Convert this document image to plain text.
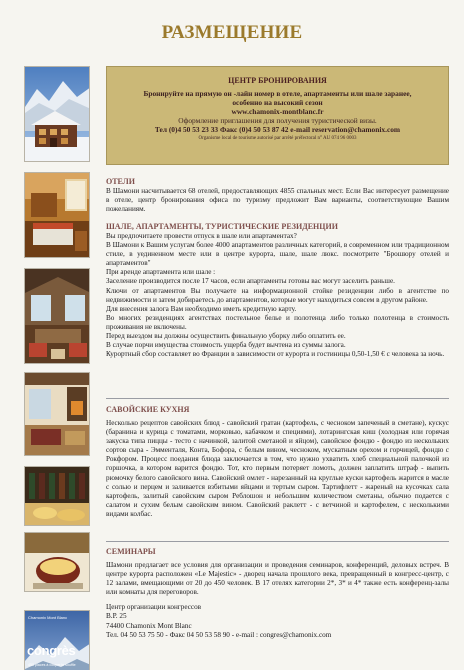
РАЗМЕЩЕНИЕ
Chamonix Mont Blanc
congrès
450 places à couper le souffle
ЦЕНТР БРОНИРОВАНИЯ
Бронируйте на прямую он -лайн номер в отеле, апартаменты или шале заранее,
особенно на высокий сезон
www.chamonix-montblanc.fr
Оформление приглашения для получения туристической визы.
Тел (0)4 50 53 23 33 Факс (0)4 50 53 87 42 e-mail reservation@chamonix.com
Organisme local de tourisme autorisé par arrêté préfectoral n° AU 074 96 0003
ОТЕЛИ

В Шамони насчитывается 68 отелей, предоставляющих 4855 спальных мест. Если Вас интересует размещение в отеле, центр бронирования офиса по туризму предложит Вам варианты, соответствующие Вашим пожеланиям.

ШАЛЕ, АПАРТАМЕНТЫ, ТУРИСТИЧЕСКИЕ РЕЗИДЕНЦИИ

Вы предпочитаете провести отпуск в шале или апартаментах?

В Шамони к Вашим услугам более 4000 апартаментов различных категорий, в современном или традиционном стиле, в уединенном месте или в центре курорта, шале, шале люкс. посмотрите "Брошюру отелей и апартаментов"

При аренде апартамента или шале :

Заселение производится после 17 часов, если апартаменты готовы вас могут заселить раньше.

Ключи от апартаментов Вы получаете на информационной стойке резиденции либо в агентстве по недвижимости и затем добираетесь до апартаментов, которые могут находиться совсем в другом районе.

Для внесения залога Вам необходимо иметь кредитную карту.

Во многих резиденциях агентствах постельное белье и полотенца либо только полотенца в стоимость проживания не включены.

Перед выездом вы должны осуществить финальную уборку либо оплатить ее.

В случае порчи имущества стоимость ущерба будет вычтена из суммы залога.

Курортный сбор составляет во Франции в зависимости от курорта и гостиницы 0,50-1,50 € с человека за ночь.

САВОЙСКИЕ КУХНЯ

Несколько рецептов савойских блюд - савойский гратан (картофель, с чесноком запеченый в сметане), кускус (баранина и курица с томатами, морковью, кабачком и специями), лотарингская киш (холодная или горячая закуска типа пиццы - тесто с начинкой, залитой сметаной и яйцом), савойское фондю - фондю из нескольких сортов сыра - Эмменталя, Конта, Бофора, с белым вином, чесноком, мускатным орехом и горчицей, фондю с Рокфором. Процесс поедания блюда заключается в том, что нужно ухватить хлеб специальной палочкой из горшочка, в котором варится фондю. Тот, кто первым потеряет ломоть, должен заплатить штраф - выпить рюмочку белого савойского вина. Савойский омлет - нарезанный на круглые куски картофель жарится в масле с солью и перцем и заливается взбитыми яйцами и тертым сыром. Тартифлетт - жареный на кусочках сала картофель, залитый савойским сыром Реблошон и небольшим количеством сметаны, обычно подается с салатом и сухим белым савойским вином. Савойский раклетт - с ветчиной и картофелем, с несколькими видами колбас.

СЕМИНАРЫ

Шамони предлагает все условия для организации и проведения семинаров, конференций, деловых встреч. В центре курорта расположен «Le Majestic» - дворец начала прошлого века, превращенный в конгресс-центр, с 12 залами, вмещающими от 20 до 450 человек. В 17 отелях категории 2*, 3* и 4* также есть конференц-залы или комнаты для переговоров.

Центр организации конгрессов

B.P. 25

74400 Chamonix Mont Blanc

Тел. 04 50 53 75 50 - Факс 04 50 53 58 90 - e-mail : congres@chamonix.com
